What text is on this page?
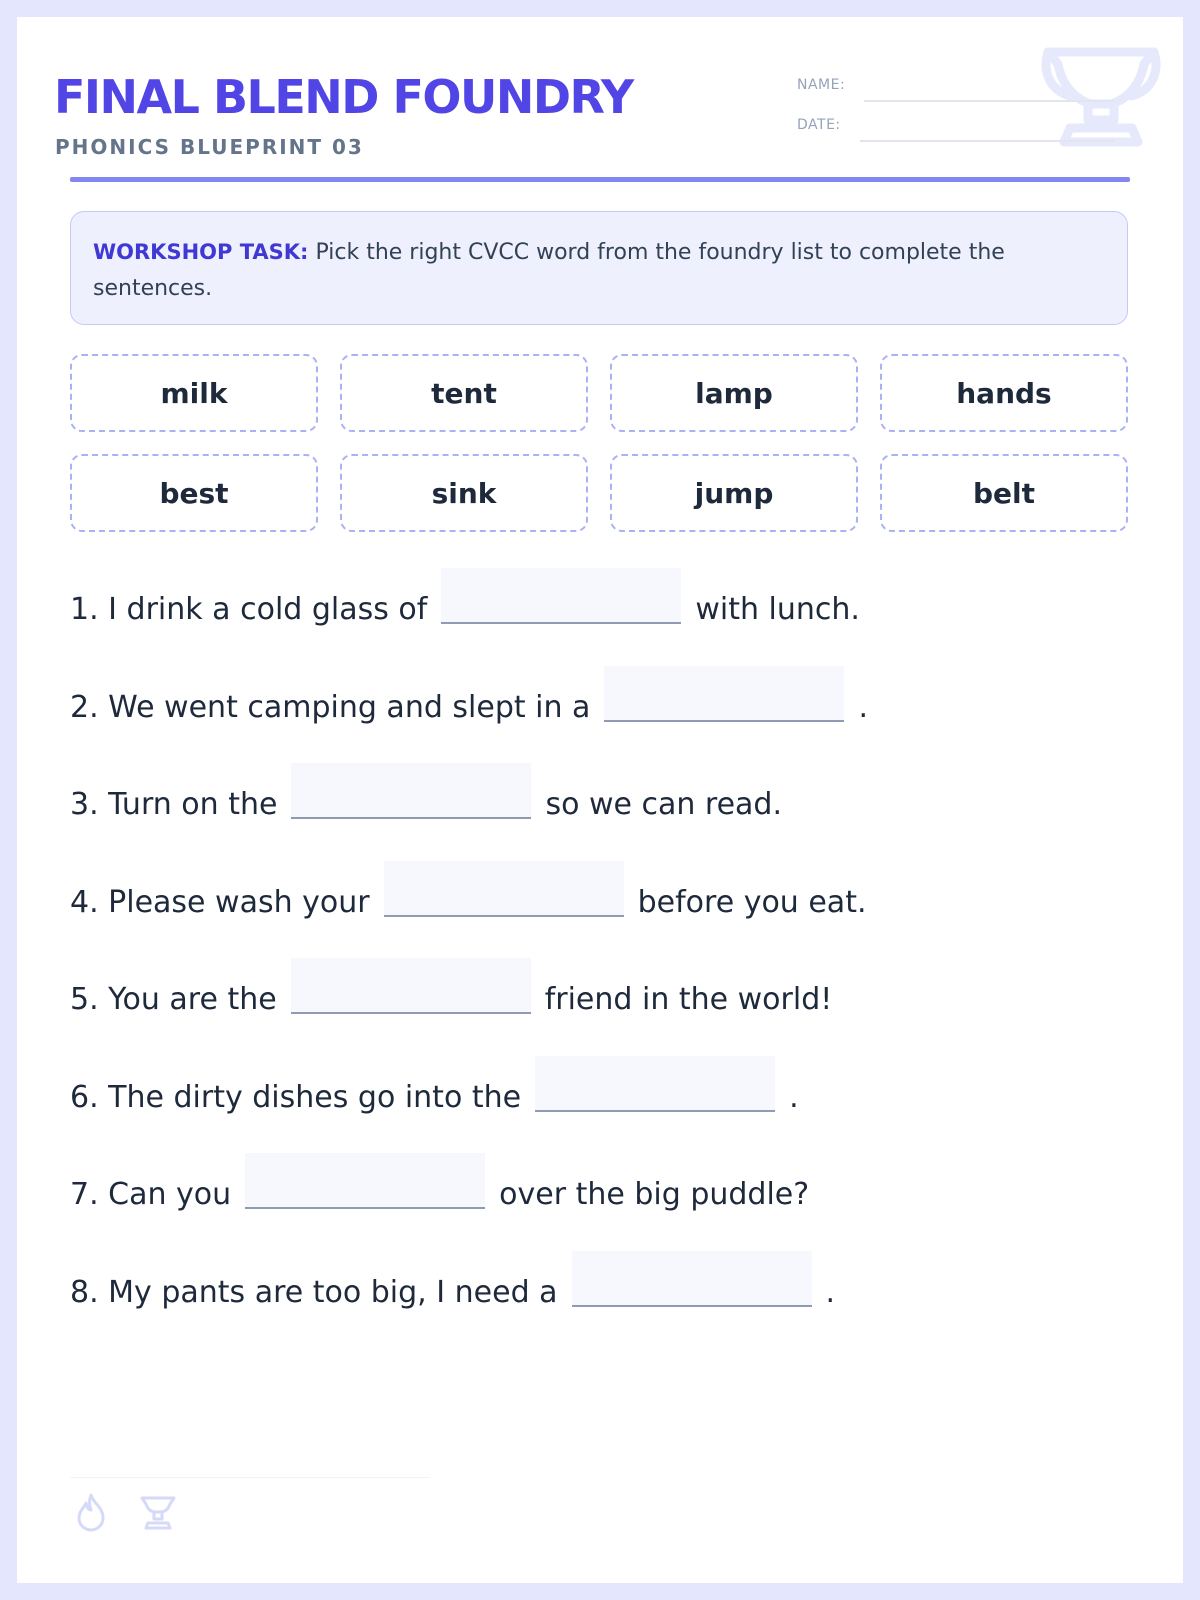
FINAL BLEND FOUNDRY
PHONICS BLUEPRINT 03
NAME:
DATE:
WORKSHOP TASK: Pick the right CVCC word from the foundry list to complete the sentences.
milk	tent	lamp	hands
best	sink	jump	belt
1. I drink a cold glass of	with lunch.
2. We went camping and slept in a	.
3. Turn on the	so we can read.
4. Please wash your	before you eat.
5. You are the	friend in the world!
6. The dirty dishes go into the	.
7. Can you	over the big puddle?
8. My pants are too big, I need a	.
